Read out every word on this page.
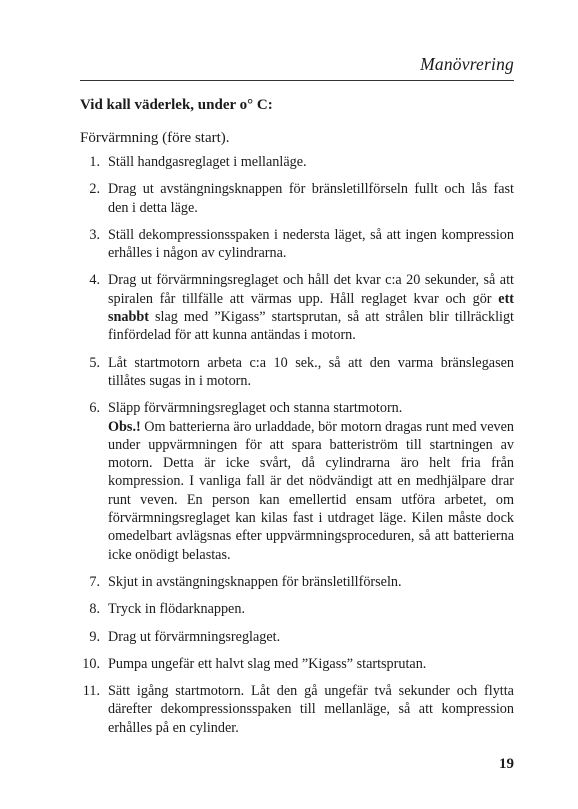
Manövrering
Vid kall väderlek, under o° C:
Förvärmning (före start).
1. Ställ handgasreglaget i mellanläge.

2. Drag ut avstängningsknappen för bränsletillförseln fullt och lås fast den i detta läge.

3. Ställ dekompressionsspaken i nedersta läget, så att ingen kompression erhålles i någon av cylindrarna.

4. Drag ut förvärmningsreglaget och håll det kvar c:a 20 sekunder, så att spiralen får tillfälle att värmas upp. Håll reglaget kvar och gör ett snabbt slag med ”Kigass” startsprutan, så att strålen blir tillräckligt finfördelad för att kunna antändas i motorn.

5. Låt startmotorn arbeta c:a 10 sek., så att den varma bränslegasen tillåtes sugas in i motorn.

6. Släpp förvärmningsreglaget och stanna startmotorn.

Obs.! Om batterierna äro urladdade, bör motorn dragas runt med veven under uppvärmningen för att spara batteriström till startningen av motorn. Detta är icke svårt, då cylindrarna äro helt fria från kompression. I vanliga fall är det nödvändigt att en medhjälpare drar runt veven. En person kan emellertid ensam utföra arbetet, om förvärmningsreglaget kan kilas fast i utdraget läge. Kilen måste dock omedelbart avlägsnas efter uppvärmningsproceduren, så att batterierna icke onödigt belastas.

7. Skjut in avstängningsknappen för bränsletillförseln.

8. Tryck in flödarknappen.

9. Drag ut förvärmningsreglaget.

10. Pumpa ungefär ett halvt slag med ”Kigass” startsprutan.

11. Sätt igång startmotorn. Låt den gå ungefär två sekunder och flytta därefter dekompressionsspaken till mellanläge, så att kompression erhålles på en cylinder.

19
